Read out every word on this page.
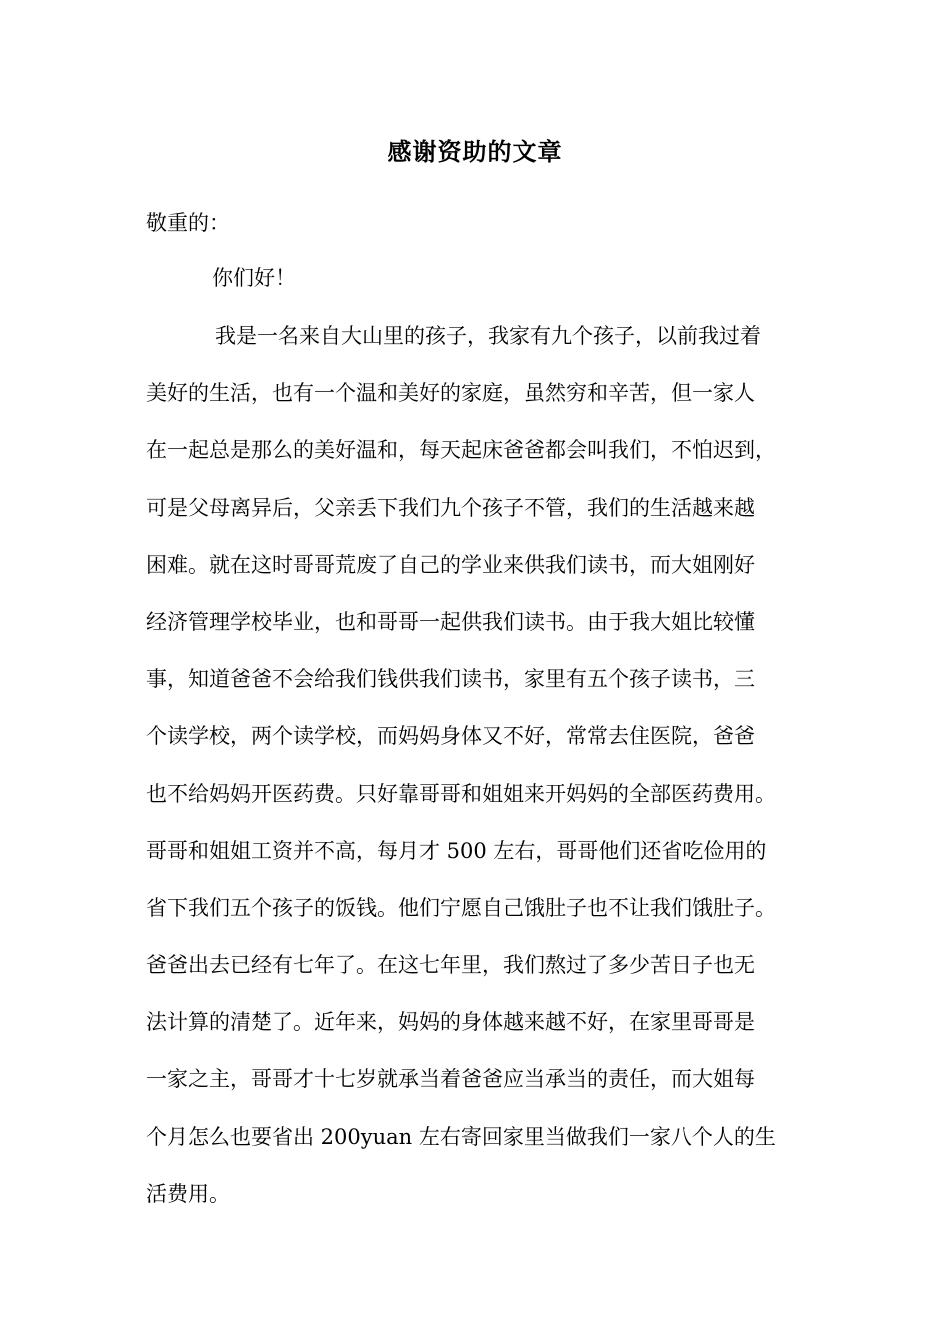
感谢资助的文章
敬重的：
你们好！
我是一名来自大山里的孩子，我家有九个孩子，以前我过着
美好的生活，也有一个温和美好的家庭，虽然穷和辛苦，但一家人
在一起总是那么的美好温和，每天起床爸爸都会叫我们，不怕迟到，
可是父母离异后，父亲丢下我们九个孩子不管，我们的生活越来越
困难。就在这时哥哥荒废了自己的学业来供我们读书，而大姐刚好
经济管理学校毕业，也和哥哥一起供我们读书。由于我大姐比较懂
事，知道爸爸不会给我们钱供我们读书，家里有五个孩子读书，三
个读学校，两个读学校，而妈妈身体又不好，常常去住医院，爸爸
也不给妈妈开医药费。只好靠哥哥和姐姐来开妈妈的全部医药费用。
哥哥和姐姐工资并不高，每月才 500 左右，哥哥他们还省吃俭用的
省下我们五个孩子的饭钱。他们宁愿自己饿肚子也不让我们饿肚子。
爸爸出去已经有七年了。在这七年里，我们熬过了多少苦日子也无
法计算的清楚了。近年来，妈妈的身体越来越不好，在家里哥哥是
一家之主，哥哥才十七岁就承当着爸爸应当承当的责任，而大姐每
个月怎么也要省出 200yuan 左右寄回家里当做我们一家八个人的生
活费用。
